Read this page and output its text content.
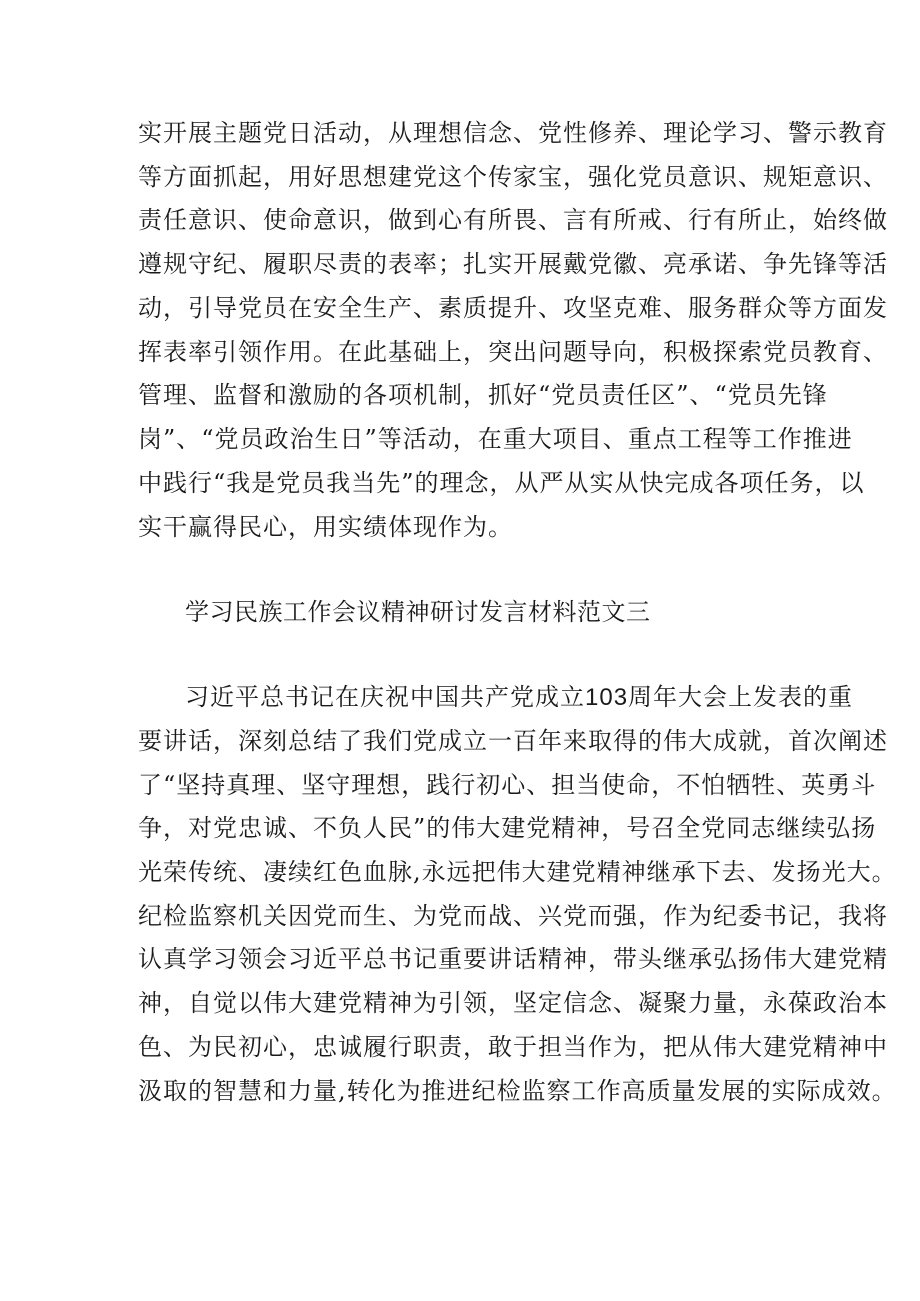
实开展主题党日活动，从理想信念、党性修养、理论学习、警示教育
等方面抓起，用好思想建党这个传家宝，强化党员意识、规矩意识、
责任意识、使命意识，做到心有所畏、言有所戒、行有所止，始终做
遵规守纪、履职尽责的表率；扎实开展戴党徽、亮承诺、争先锋等活
动，引导党员在安全生产、素质提升、攻坚克难、服务群众等方面发
挥表率引领作用。在此基础上，突出问题导向，积极探索党员教育、
管理、监督和激励的各项机制，抓好“党员责任区”、“党员先锋
岗”、“党员政治生日”等活动，在重大项目、重点工程等工作推进
中践行“我是党员我当先”的理念，从严从实从快完成各项任务，以
实干赢得民心，用实绩体现作为。
学习民族工作会议精神研讨发言材料范文三
习近平总书记在庆祝中国共产党成立103周年大会上发表的重
要讲话，深刻总结了我们党成立一百年来取得的伟大成就，首次阐述
了“坚持真理、坚守理想，践行初心、担当使命，不怕牺牲、英勇斗
争，对党忠诚、不负人民”的伟大建党精神，号召全党同志继续弘扬
光荣传统、凄续红色血脉,永远把伟大建党精神继承下去、发扬光大。
纪检监察机关因党而生、为党而战、兴党而强，作为纪委书记，我将
认真学习领会习近平总书记重要讲话精神，带头继承弘扬伟大建党精
神，自觉以伟大建党精神为引领，坚定信念、凝聚力量，永葆政治本
色、为民初心，忠诚履行职责，敢于担当作为，把从伟大建党精神中
汲取的智慧和力量,转化为推进纪检监察工作高质量发展的实际成效。
